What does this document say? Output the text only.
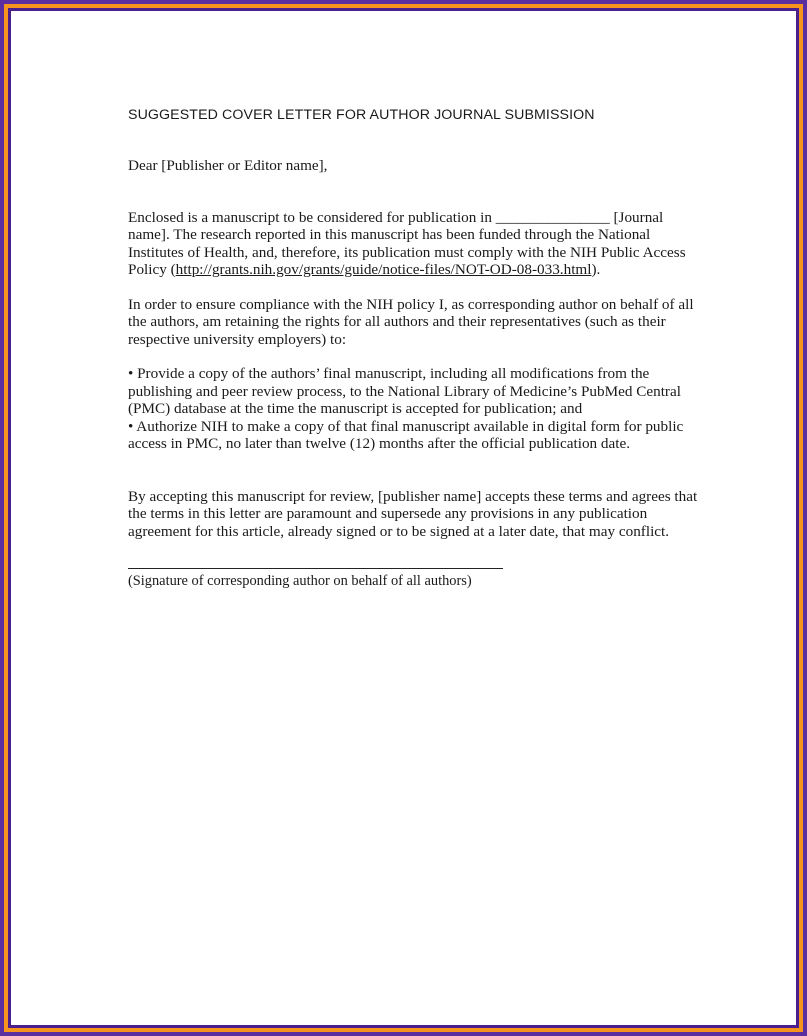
SUGGESTED COVER LETTER FOR AUTHOR JOURNAL SUBMISSION

Dear [Publisher or Editor name],

Enclosed is a manuscript to be considered for publication in _______________ [Journal name]. The research reported in this manuscript has been funded through the National Institutes of Health, and, therefore, its publication must comply with the NIH Public Access Policy (http://grants.nih.gov/grants/guide/notice-files/NOT-OD-08-033.html).

In order to ensure compliance with the NIH policy I, as corresponding author on behalf of all the authors, am retaining the rights for all authors and their representatives (such as their respective university employers) to:

• Provide a copy of the authors’ final manuscript, including all modifications from the publishing and peer review process, to the National Library of Medicine’s PubMed Central (PMC) database at the time the manuscript is accepted for publication; and
• Authorize NIH to make a copy of that final manuscript available in digital form for public access in PMC, no later than twelve (12) months after the official publication date.

By accepting this manuscript for review, [publisher name] accepts these terms and agrees that the terms in this letter are paramount and supersede any provisions in any publication agreement for this article, already signed or to be signed at a later date, that may conflict.

(Signature of corresponding author on behalf of all authors)
